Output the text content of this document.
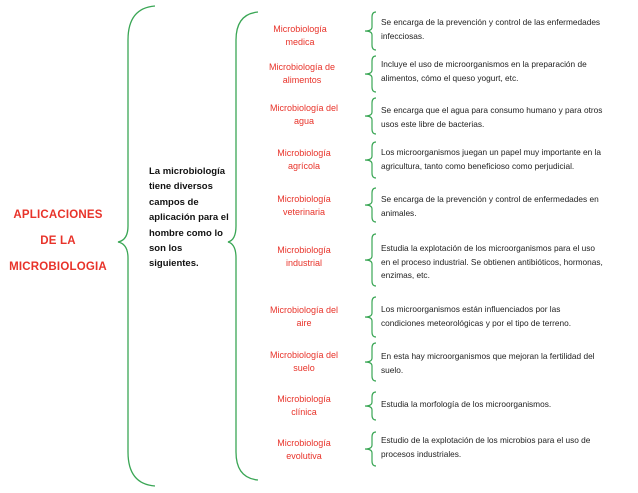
APLICACIONES
DE LA
MICROBIOLOGIA
La microbiología tiene diversos campos de aplicación para el hombre como lo son los siguientes.
Microbiología medica
Microbiología de alimentos
Microbiología del agua
Microbiología agrícola
Microbiología veterinaria
Microbiología industrial
Microbiología del aire
Microbiología del suelo
Microbiología clínica
Microbiología evolutiva
Se encarga de la prevención y control de las enfermedades infecciosas.
Incluye el uso de microorganismos en la preparación de alimentos, cómo el queso yogurt, etc.
Se encarga que el agua para consumo humano y para otros usos este libre de bacterias.
Los microorganismos juegan un papel muy importante en la agricultura, tanto como beneficioso como perjudicial.
Se encarga de la prevención y control de enfermedades en animales.
Estudia la explotación de los microorganismos para el uso en el proceso industrial. Se obtienen antibióticos, hormonas, enzimas, etc.
Los microorganismos están influenciados por las condiciones meteorológicas y por el tipo de terreno.
En esta hay microorganismos que mejoran la fertilidad del suelo.
Estudia la morfología de los microorganismos.
Estudio de la explotación de los microbios para el uso de procesos industriales.
